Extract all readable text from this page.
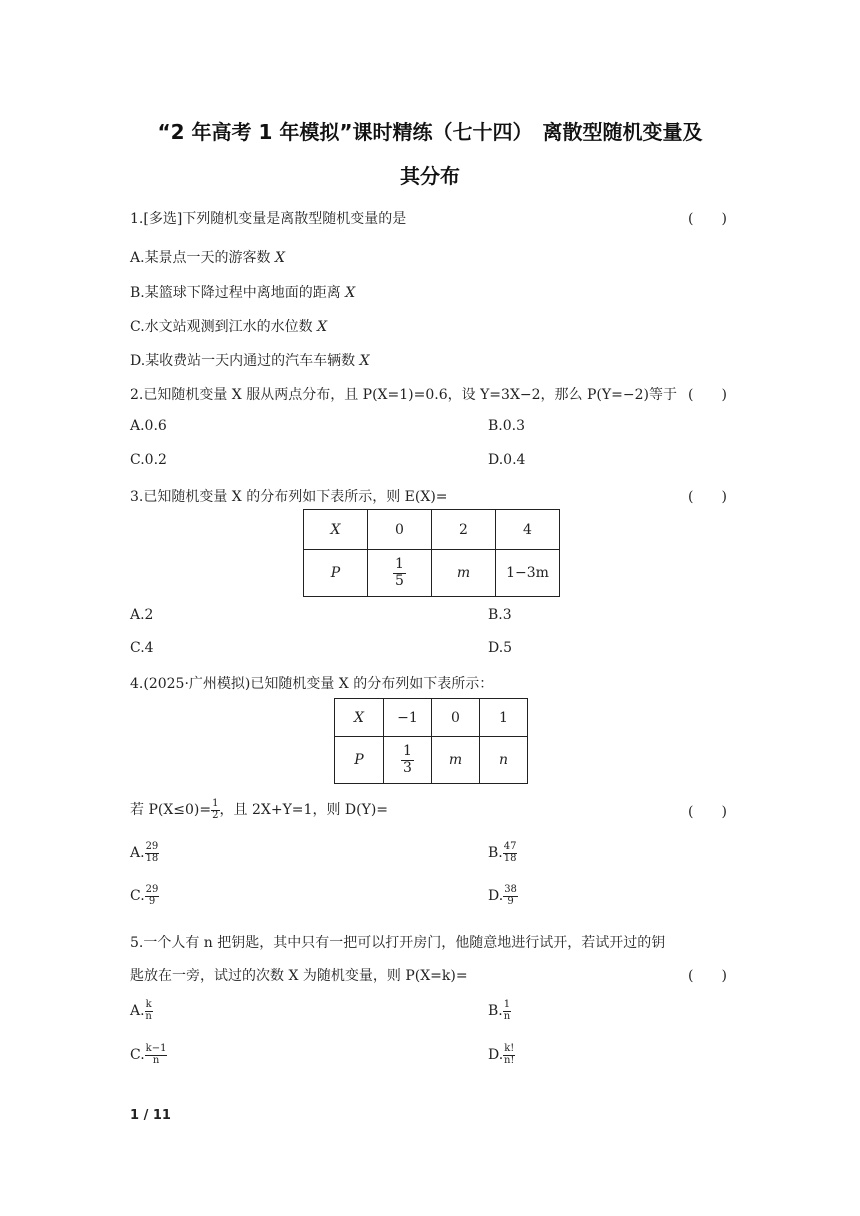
“2 年高考 1 年模拟”课时精练（七十四）　离散型随机变量及
其分布
1.[多选]下列随机变量是离散型随机变量的是	(　　)
A.某景点一天的游客数 X
B.某篮球下降过程中离地面的距离 X
C.水文站观测到江水的水位数 X
D.某收费站一天内通过的汽车车辆数 X
2.已知随机变量 X 服从两点分布，且 P(X=1)=0.6，设 Y=3X−2，那么 P(Y=−2)等于 (　　)
A.0.6	B.0.3
C.0.2	D.0.4
3.已知随机变量 X 的分布列如下表所示，则 E(X)=	(　　)
X	0	2	4
P	$\frac{1}{5}$	m	1−3m
A.2	B.3
C.4	D.5
4.(2025·广州模拟)已知随机变量 X 的分布列如下表所示：
X	−1	0	1
P	$\frac{1}{3}$	m	n
若 $P(X\le 0)= \frac{1}{2}$ ，且 2X+Y=1，则 D(Y)=	(　　)
A. $\frac{29}{18}$	B. $\frac{47}{18}$
C. $\frac{29}{9}$	D. $\frac{38}{9}$
5.一个人有 n 把钥匙，其中只有一把可以打开房门，他随意地进行试开，若试开过的钥
匙放在一旁，试过的次数 X 为随机变量，则 P(X=k)=	(　　)
A. $\frac{k}{n}$	B. $\frac{1}{n}$
C. $\frac{k-1}{n}$	D. $\frac{k!}{n!}$
1 / 11
